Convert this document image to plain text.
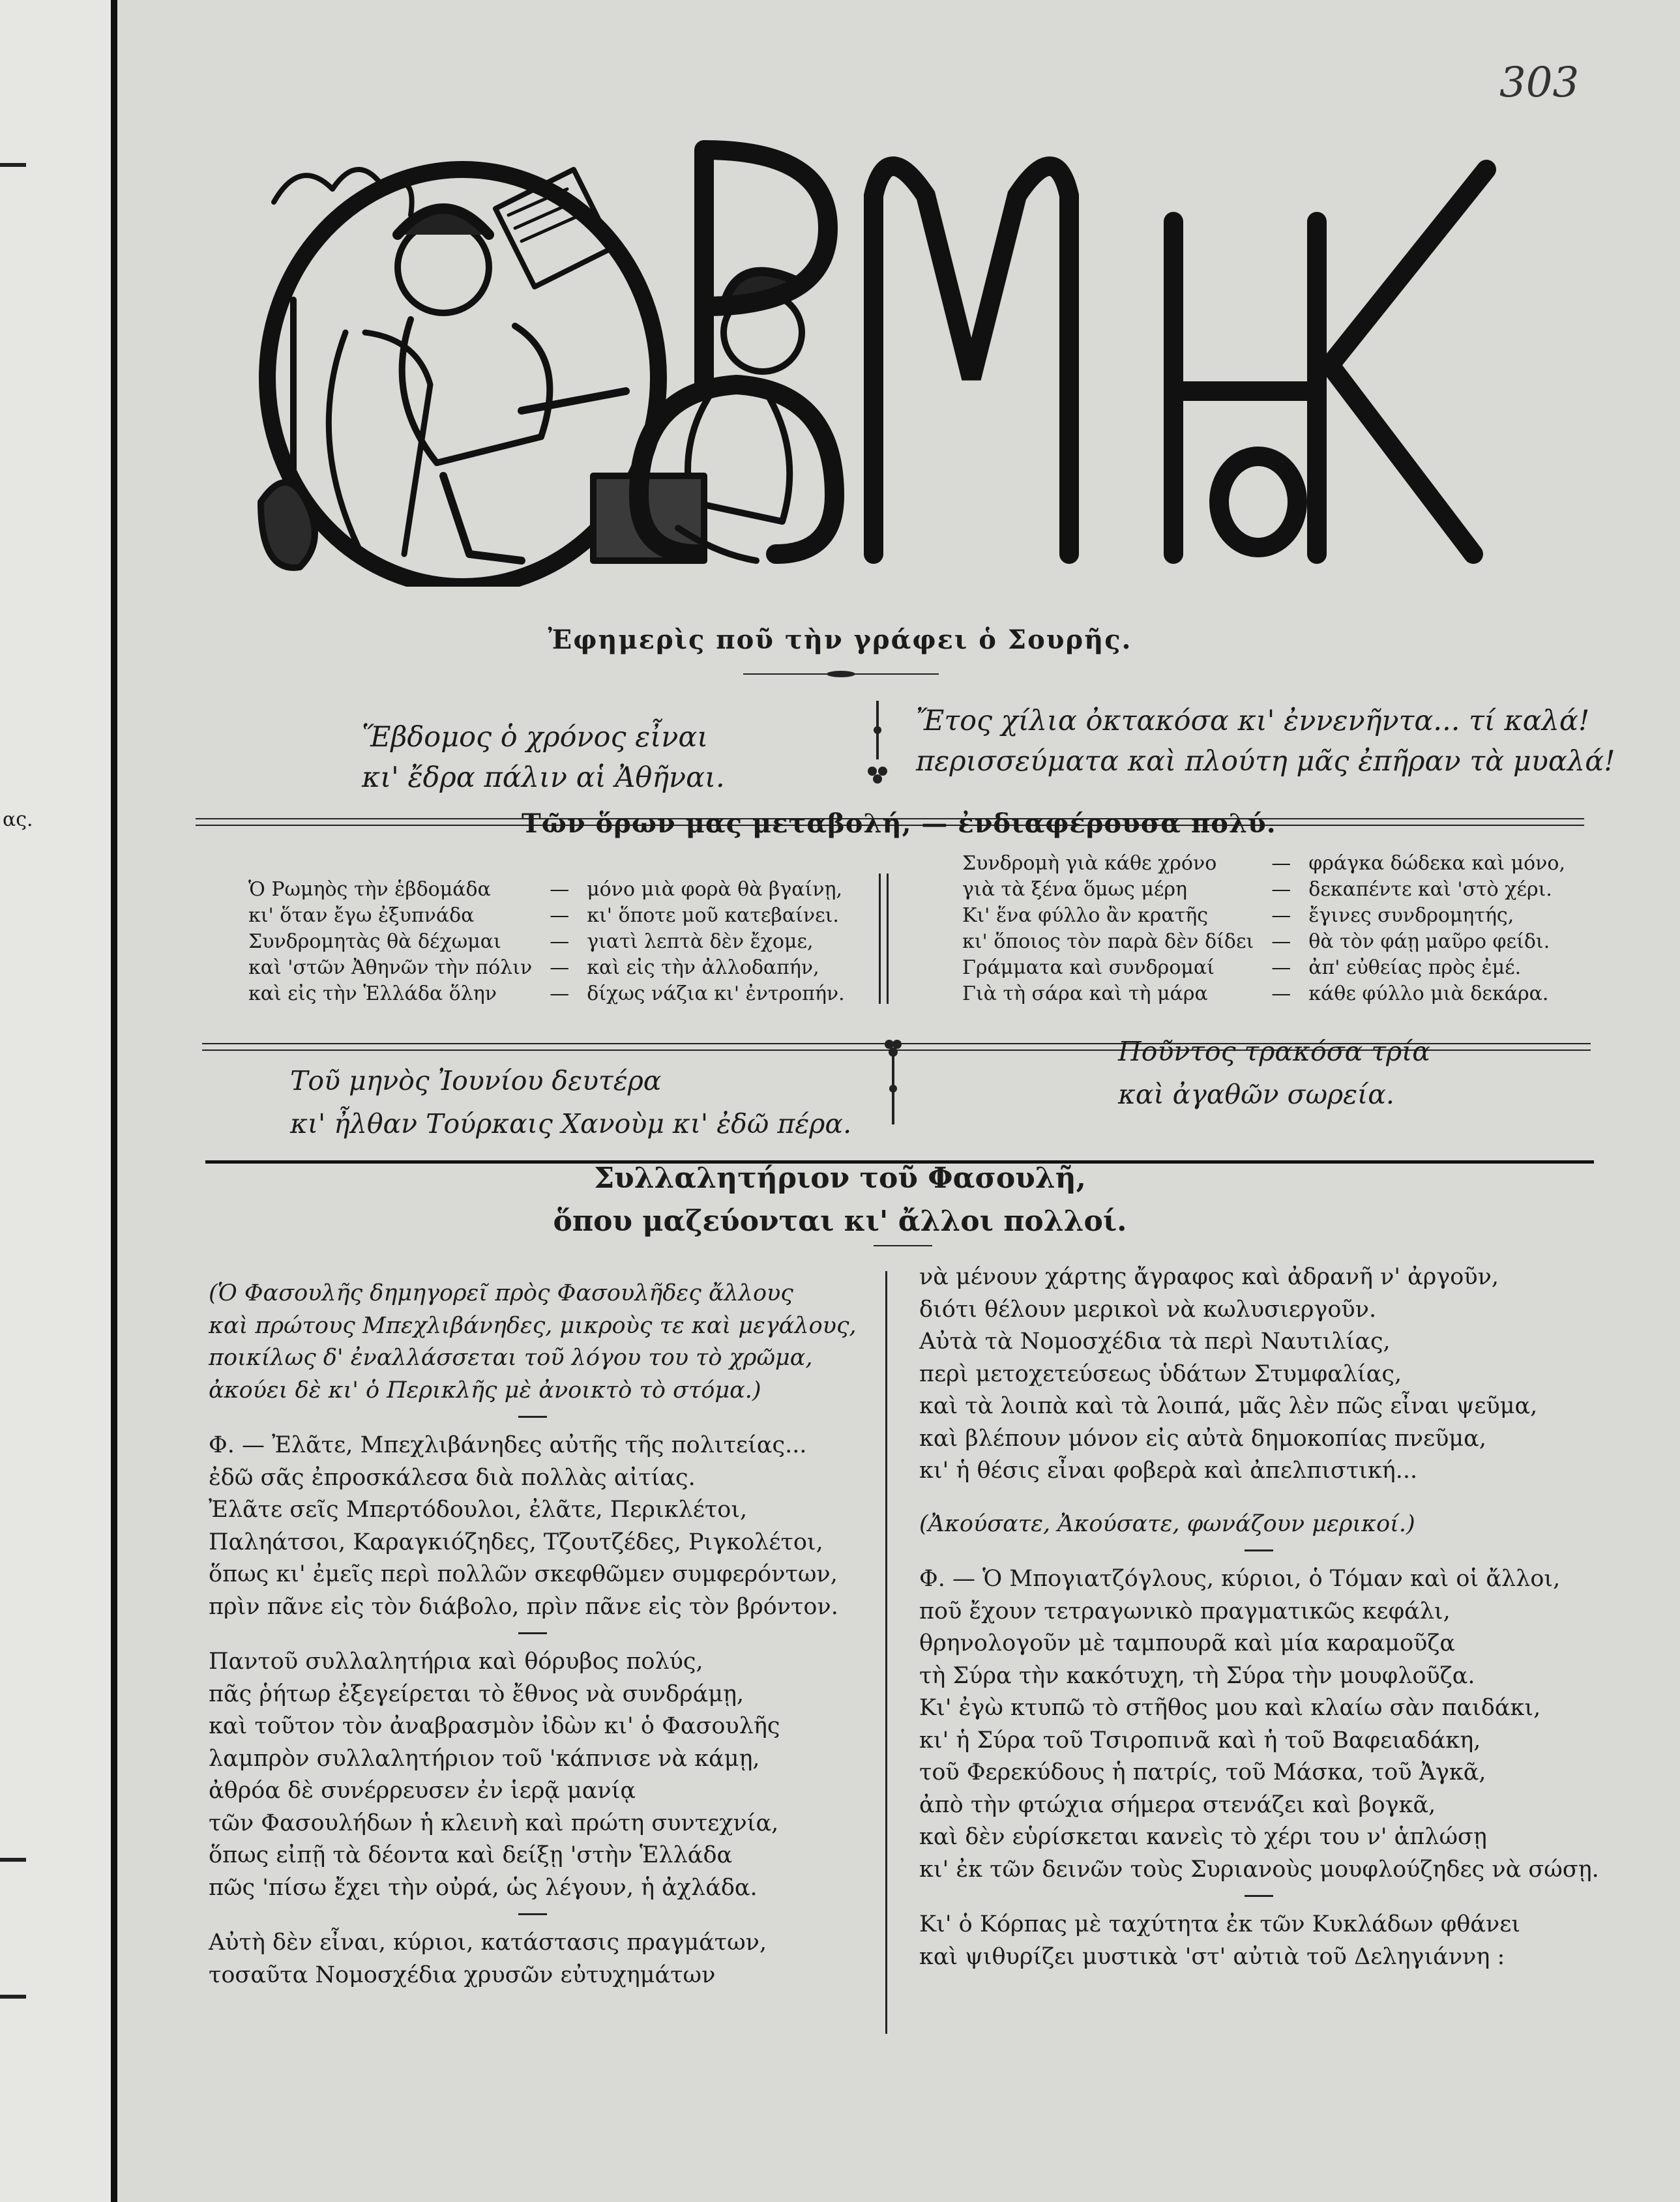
ας.
303
Ἐφημερὶς ποῦ τὴν γράφει ὁ Σουρῆς.
Ἕβδομος ὁ χρόνος εἶναι
κι' ἔδρα πάλιν αἱ Ἀθῆναι.
Ἔτος χίλια ὀκτακόσα κι' ἐννενῆντα... τί καλά!
περισσεύματα καὶ πλούτη μᾶς ἐπῆραν τὰ μυαλά!
Τῶν ὅρων μας μεταβολή, — ἐνδιαφέρουσα πολύ.
Ὁ Ρωμηὸς τὴν ἑβδομάδα	—	μόνο μιὰ φορὰ θὰ βγαίνῃ,
κι' ὅταν ἔγω ἐξυπνάδα	—	κι' ὅποτε μοῦ κατεβαίνει.
Συνδρομητὰς θὰ δέχωμαι	—	γιατὶ λεπτὰ δὲν ἔχομε,
καὶ 'στῶν Ἀθηνῶν τὴν πόλιν	—	καὶ εἰς τὴν ἀλλοδαπήν,
καὶ εἰς τὴν Ἑλλάδα ὅλην	—	δίχως νάζια κι' ἐντροπήν.
Συνδρομὴ γιὰ κάθε χρόνο	—	φράγκα δώδεκα καὶ μόνο,
γιὰ τὰ ξένα ὅμως μέρη	—	δεκαπέντε καὶ 'στὸ χέρι.
Κι' ἕνα φύλλο ἂν κρατῆς	—	ἔγινες συνδρομητής,
κι' ὅποιος τὸν παρὰ δὲν δίδει	—	θὰ τὸν φάῃ μαῦρο φείδι.
Γράμματα καὶ συνδρομαί	—	ἀπ' εὐθείας πρὸς ἐμέ.
Γιὰ τὴ σάρα καὶ τὴ μάρα	—	κάθε φύλλο μιὰ δεκάρα.
Τοῦ μηνὸς Ἰουνίου δευτέρα
κι' ἦλθαν Τούρκαις Χανοὺμ κι' ἐδῶ πέρα.
Ποῦντος τρακόσα τρία
καὶ ἀγαθῶν σωρεία.
Συλλαλητήριον τοῦ Φασουλῆ,
ὅπου μαζεύονται κι' ἄλλοι πολλοί.

(Ὁ Φασουλῆς δημηγορεῖ πρὸς Φασουλῆδες ἄλλους

καὶ πρώτους Μπεχλιβάνηδες, μικροὺς τε καὶ μεγάλους,

ποικίλως δ' ἐναλλάσσεται τοῦ λόγου του τὸ χρῶμα,

ἀκούει δὲ κι' ὁ Περικλῆς μὲ ἀνοικτὸ τὸ στόμα.)

Φ. — Ἐλᾶτε, Μπεχλιβάνηδες αὐτῆς τῆς πολιτείας...

ἐδῶ σᾶς ἐπροσκάλεσα διὰ πολλὰς αἰτίας.

Ἐλᾶτε σεῖς Μπερτόδουλοι, ἐλᾶτε, Περικλέτοι,

Παληάτσοι, Καραγκιόζηδες, Τζουτζέδες, Ριγκολέτοι,

ὅπως κι' ἐμεῖς περὶ πολλῶν σκεφθῶμεν συμφερόντων,

πρὶν πᾶνε εἰς τὸν διάβολο, πρὶν πᾶνε εἰς τὸν βρόντον.

Παντοῦ συλλαλητήρια καὶ θόρυβος πολύς,

πᾶς ῥήτωρ ἐξεγείρεται τὸ ἔθνος νὰ συνδράμῃ,

καὶ τοῦτον τὸν ἀναβρασμὸν ἰδὼν κι' ὁ Φασουλῆς

λαμπρὸν συλλαλητήριον τοῦ 'κάπνισε νὰ κάμῃ,

ἀθρόα δὲ συνέρρευσεν ἐν ἱερᾷ μανίᾳ

τῶν Φασουλήδων ἡ κλεινὴ καὶ πρώτη συντεχνία,

ὅπως εἰπῇ τὰ δέοντα καὶ δείξῃ 'στὴν Ἑλλάδα

πῶς 'πίσω ἔχει τὴν οὐρά, ὡς λέγουν, ἡ ἀχλάδα.

Αὐτὴ δὲν εἶναι, κύριοι, κατάστασις πραγμάτων,

τοσαῦτα Νομοσχέδια χρυσῶν εὐτυχημάτων

νὰ μένουν χάρτης ἄγραφος καὶ ἀδρανῆ ν' ἀργοῦν,

διότι θέλουν μερικοὶ νὰ κωλυσιεργοῦν.

Αὐτὰ τὰ Νομοσχέδια τὰ περὶ Ναυτιλίας,

περὶ μετοχετεύσεως ὑδάτων Στυμφαλίας,

καὶ τὰ λοιπὰ καὶ τὰ λοιπά, μᾶς λὲν πῶς εἶναι ψεῦμα,

καὶ βλέπουν μόνον εἰς αὐτὰ δημοκοπίας πνεῦμα,

κι' ἡ θέσις εἶναι φοβερὰ καὶ ἀπελπιστική...

(Ἀκούσατε, Ἀκούσατε, φωνάζουν μερικοί.)

Φ. — Ὁ Μπογιατζόγλους, κύριοι, ὁ Τόμαν καὶ οἱ ἄλλοι,

ποῦ ἔχουν τετραγωνικὸ πραγματικῶς κεφάλι,

θρηνολογοῦν μὲ ταμπουρᾶ καὶ μία καραμοῦζα

τὴ Σύρα τὴν κακότυχη, τὴ Σύρα τὴν μουφλοῦζα.

Κι' ἐγὼ κτυπῶ τὸ στῆθος μου καὶ κλαίω σὰν παιδάκι,

κι' ἡ Σύρα τοῦ Τσιροπινᾶ καὶ ἡ τοῦ Βαφειαδάκη,

τοῦ Φερεκύδους ἡ πατρίς, τοῦ Μάσκα, τοῦ Ἀγκᾶ,

ἀπὸ τὴν φτώχια σήμερα στενάζει καὶ βογκᾶ,

καὶ δὲν εὑρίσκεται κανεὶς τὸ χέρι του ν' ἁπλώσῃ

κι' ἐκ τῶν δεινῶν τοὺς Συριανοὺς μουφλούζηδες νὰ σώσῃ.

Κι' ὁ Κόρπας μὲ ταχύτητα ἐκ τῶν Κυκλάδων φθάνει

καὶ ψιθυρίζει μυστικὰ 'στ' αὐτιὰ τοῦ Δεληγιάννη :
